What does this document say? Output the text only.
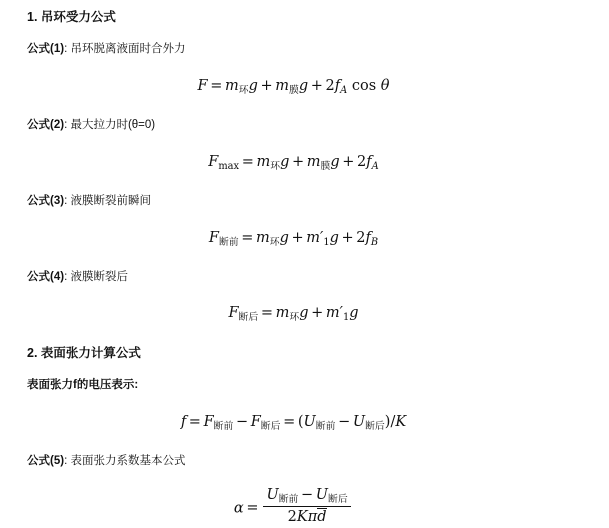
1. 吊环受力公式
公式(1): 吊环脱离液面时合外力
$F = m_环g + m_膜g + 2f_A$ cos θ
公式(2): 最大拉力时(θ=0)
$F_{max} = m_环g + m_膜g + 2f_A$
公式(3): 液膜断裂前瞬间
$F_{断前} = m_环g + m'_1g + 2f_B$
公式(4): 液膜断裂后
$F_{断后} = m_环g + m'_1g$
2. 表面张力计算公式
表面张力f的电压表示:
$f = F_{断前} - F_{断后} = (U_{断前} - U_{断后})/K$
公式(5): 表面张力系数基本公式
$\alpha = \frac{U_{断前} - U_{断后}}{\text{2Kπd}}$
